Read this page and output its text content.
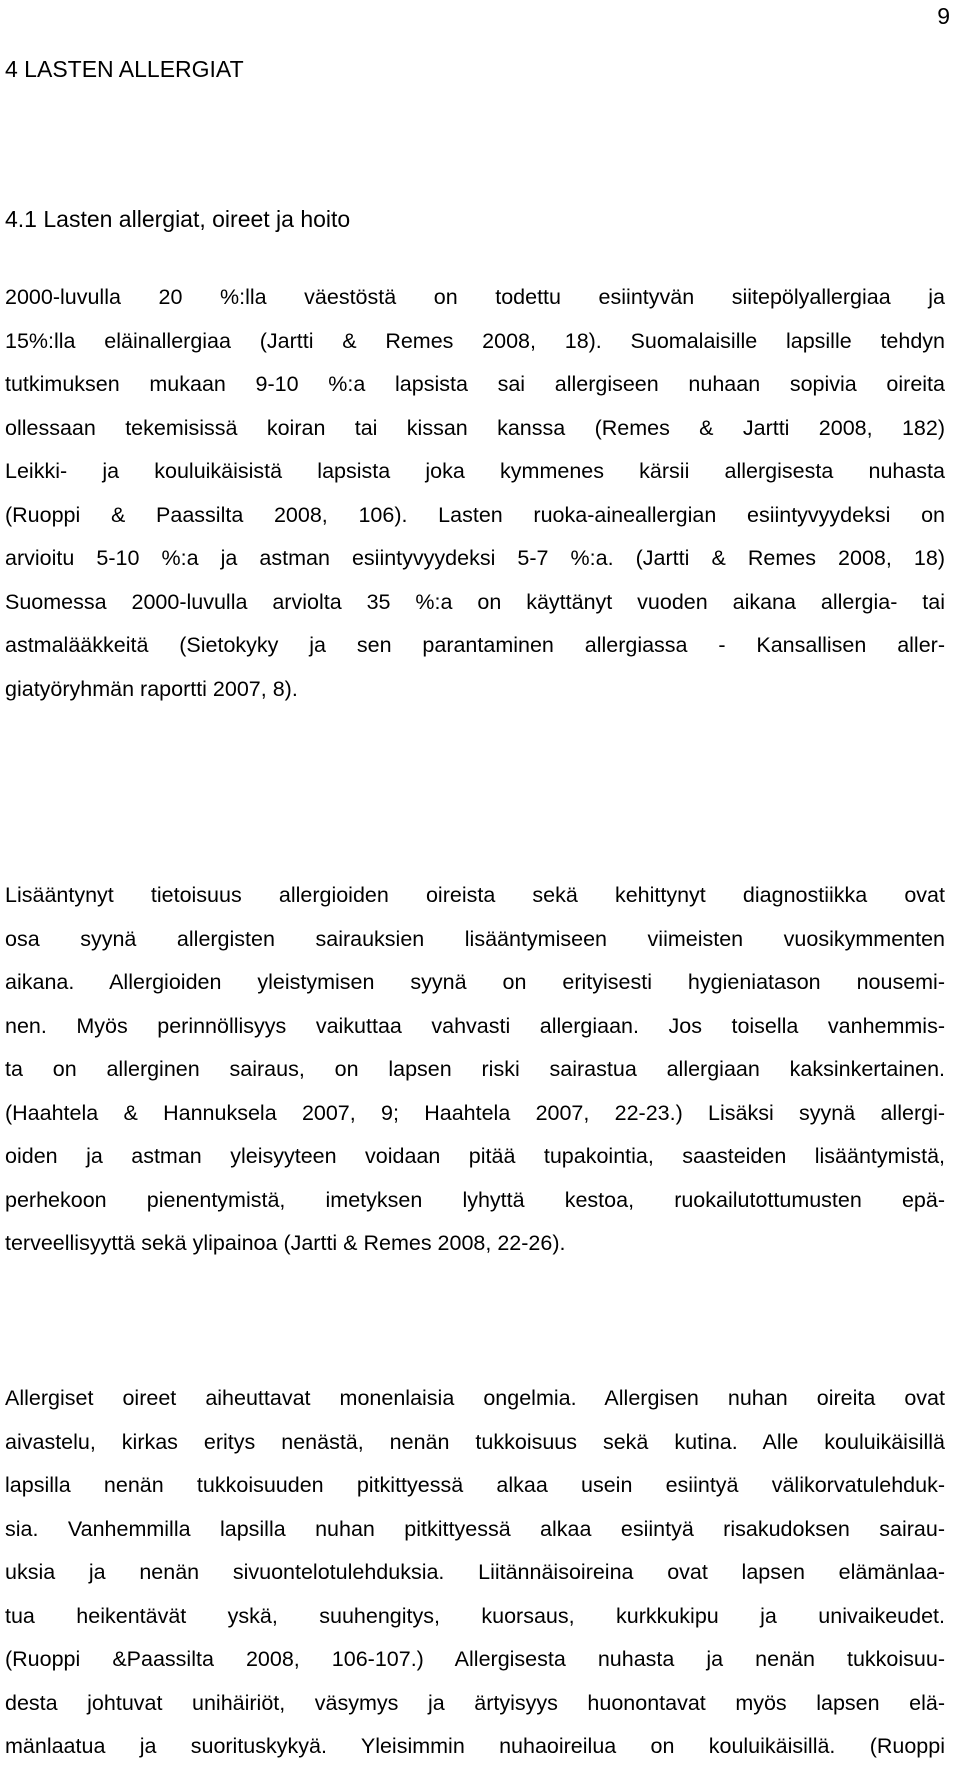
9
4 LASTEN ALLERGIAT
4.1 Lasten allergiat, oireet ja hoito
2000-luvulla 20 %:lla väestöstä on todettu esiintyvän siitepölyallergiaa ja
15%:lla eläinallergiaa (Jartti & Remes 2008, 18). Suomalaisille lapsille tehdyn
tutkimuksen mukaan 9-10 %:a lapsista sai allergiseen nuhaan sopivia oireita
ollessaan tekemisissä koiran tai kissan kanssa (Remes & Jartti 2008, 182)
Leikki- ja kouluikäisistä lapsista joka kymmenes kärsii allergisesta nuhasta
(Ruoppi & Paassilta 2008, 106). Lasten ruoka-aineallergian esiintyvyydeksi on
arvioitu 5-10 %:a ja astman esiintyvyydeksi 5-7 %:a. (Jartti & Remes 2008, 18)
Suomessa 2000-luvulla arviolta 35 %:a on käyttänyt vuoden aikana allergia- tai
astmalääkkeitä (Sietokyky ja sen parantaminen allergiassa - Kansallisen aller-
giatyöryhmän raportti 2007, 8).
Lisääntynyt tietoisuus allergioiden oireista sekä kehittynyt diagnostiikka ovat
osa syynä allergisten sairauksien lisääntymiseen viimeisten vuosikymmenten
aikana. Allergioiden yleistymisen syynä on erityisesti hygieniatason nousemi-
nen. Myös perinnöllisyys vaikuttaa vahvasti allergiaan. Jos toisella vanhemmis-
ta on allerginen sairaus, on lapsen riski sairastua allergiaan kaksinkertainen.
(Haahtela & Hannuksela 2007, 9; Haahtela 2007, 22-23.) Lisäksi syynä allergi-
oiden ja astman yleisyyteen voidaan pitää tupakointia, saasteiden lisääntymistä,
perhekoon pienentymistä, imetyksen lyhyttä kestoa, ruokailutottumusten epä-
terveellisyyttä sekä ylipainoa (Jartti & Remes 2008, 22-26).
Allergiset oireet aiheuttavat monenlaisia ongelmia. Allergisen nuhan oireita ovat
aivastelu, kirkas eritys nenästä, nenän tukkoisuus sekä kutina. Alle kouluikäisillä
lapsilla nenän tukkoisuuden pitkittyessä alkaa usein esiintyä välikorvatulehduk-
sia. Vanhemmilla lapsilla nuhan pitkittyessä alkaa esiintyä risakudoksen sairau-
uksia ja nenän sivuontelotulehduksia. Liitännäisoireina ovat lapsen elämänlaa-
tua heikentävät yskä, suuhengitys, kuorsaus, kurkkukipu ja univaikeudet.
(Ruoppi &Paassilta 2008, 106-107.) Allergisesta nuhasta ja nenän tukkoisuu-
desta johtuvat unihäiriöt, väsymys ja ärtyisyys huonontavat myös lapsen elä-
mänlaatua ja suorituskykyä. Yleisimmin nuhaoireilua on kouluikäisillä. (Ruoppi
